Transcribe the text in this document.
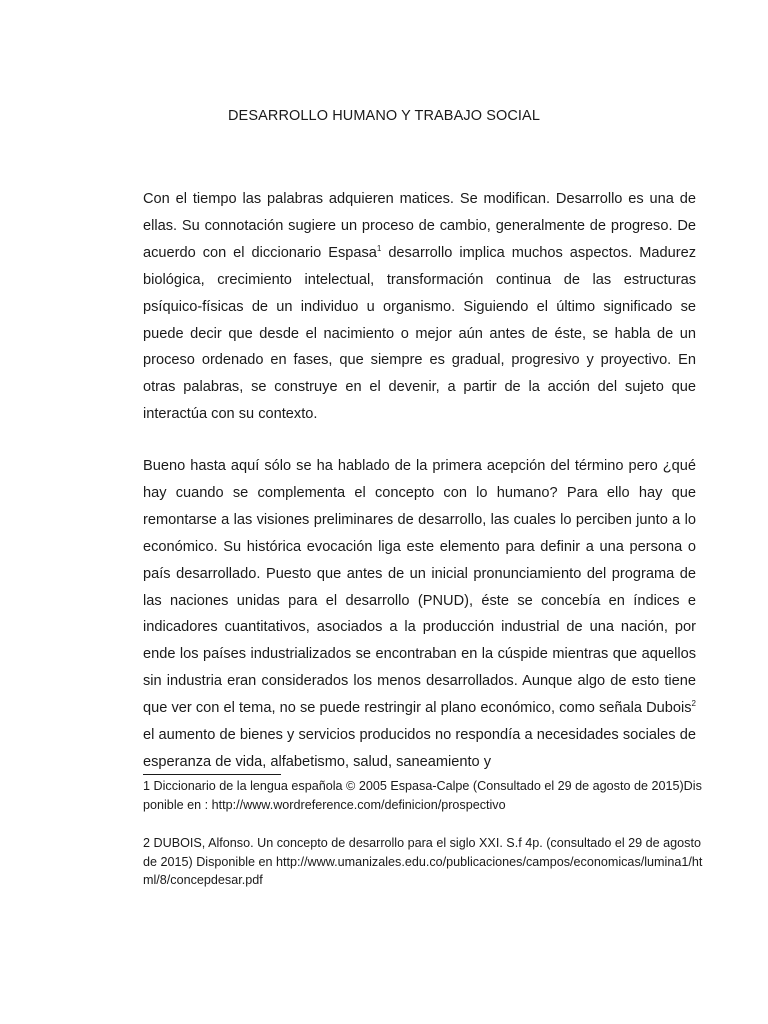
DESARROLLO HUMANO Y TRABAJO SOCIAL

Con el tiempo las palabras adquieren matices. Se modifican. Desarrollo es una de ellas. Su connotación sugiere un proceso de cambio, generalmente de progreso. De acuerdo con el diccionario Espasa$^1$ desarrollo implica muchos aspectos. Madurez biológica, crecimiento intelectual, transformación continua de las estructuras psíquico-físicas de un individuo u organismo. Siguiendo el último significado se puede decir que desde el nacimiento o mejor aún antes de éste, se habla de un proceso ordenado en fases, que siempre es gradual, progresivo y proyectivo. En otras palabras, se construye en el devenir, a partir de la acción del sujeto que interactúa con su contexto.

Bueno hasta aquí sólo se ha hablado de la primera acepción del término pero ¿qué hay cuando se complementa el concepto con lo humano? Para ello hay que remontarse a las visiones preliminares de desarrollo, las cuales lo perciben junto a lo económico. Su histórica evocación liga este elemento para definir a una persona o país desarrollado. Puesto que antes de un inicial pronunciamiento del programa de las naciones unidas para el desarrollo (PNUD), éste se concebía en índices e indicadores cuantitativos, asociados a la producción industrial de una nación, por ende los países industrializados se encontraban en la cúspide mientras que aquellos sin industria eran considerados los menos desarrollados. Aunque algo de esto tiene que ver con el tema, no se puede restringir al plano económico, como señala Dubois$^2$ el aumento de bienes y servicios producidos no respondía a necesidades sociales de esperanza de vida, alfabetismo, salud, saneamiento y

1 Diccionario de la lengua española © 2005 Espasa-Calpe (Consultado el 29 de agosto de 2015)Disponible en : http://www.wordreference.com/definicion/prospectivo

2 DUBOIS, Alfonso. Un concepto de desarrollo para el siglo XXI. S.f 4p. (consultado el 29 de agosto de 2015) Disponible en http://www.umanizales.edu.co/publicaciones/campos/economicas/lumina1/html/8/concepdesar.pdf
